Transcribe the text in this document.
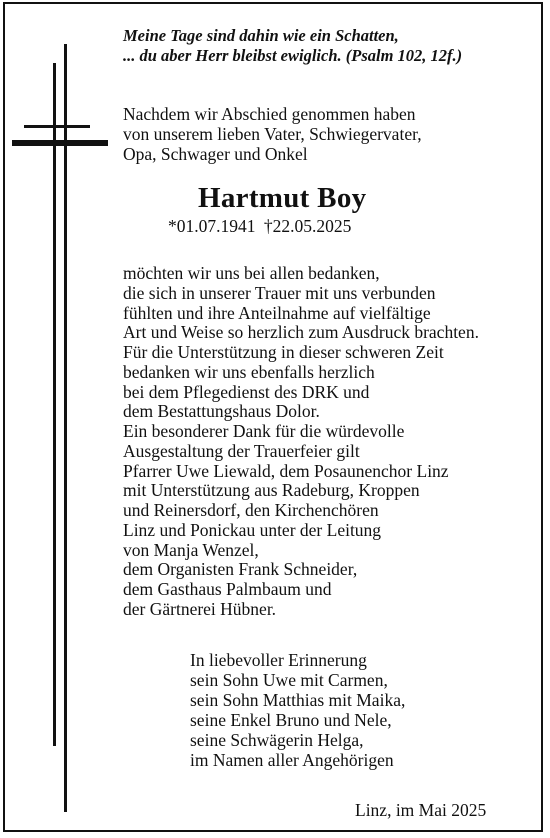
Meine Tage sind dahin wie ein Schatten,
... du aber Herr bleibst ewiglich. (Psalm 102, 12f.)
Nachdem wir Abschied genommen haben
von unserem lieben Vater, Schwiegervater,
Opa, Schwager und Onkel
Hartmut Boy
*01.07.1941 †22.05.2025
möchten wir uns bei allen bedanken,
die sich in unserer Trauer mit uns verbunden
fühlten und ihre Anteilnahme auf vielfältige
Art und Weise so herzlich zum Ausdruck brachten.
Für die Unterstützung in dieser schweren Zeit
bedanken wir uns ebenfalls herzlich
bei dem Pflegedienst des DRK und
dem Bestattungshaus Dolor.
Ein besonderer Dank für die würdevolle
Ausgestaltung der Trauerfeier gilt
Pfarrer Uwe Liewald, dem Posaunenchor Linz
mit Unterstützung aus Radeburg, Kroppen
und Reinersdorf, den Kirchenchören
Linz und Ponickau unter der Leitung
von Manja Wenzel,
dem Organisten Frank Schneider,
dem Gasthaus Palmbaum und
der Gärtnerei Hübner.
In liebevoller Erinnerung
sein Sohn Uwe mit Carmen,
sein Sohn Matthias mit Maika,
seine Enkel Bruno und Nele,
seine Schwägerin Helga,
im Namen aller Angehörigen
Linz, im Mai 2025
